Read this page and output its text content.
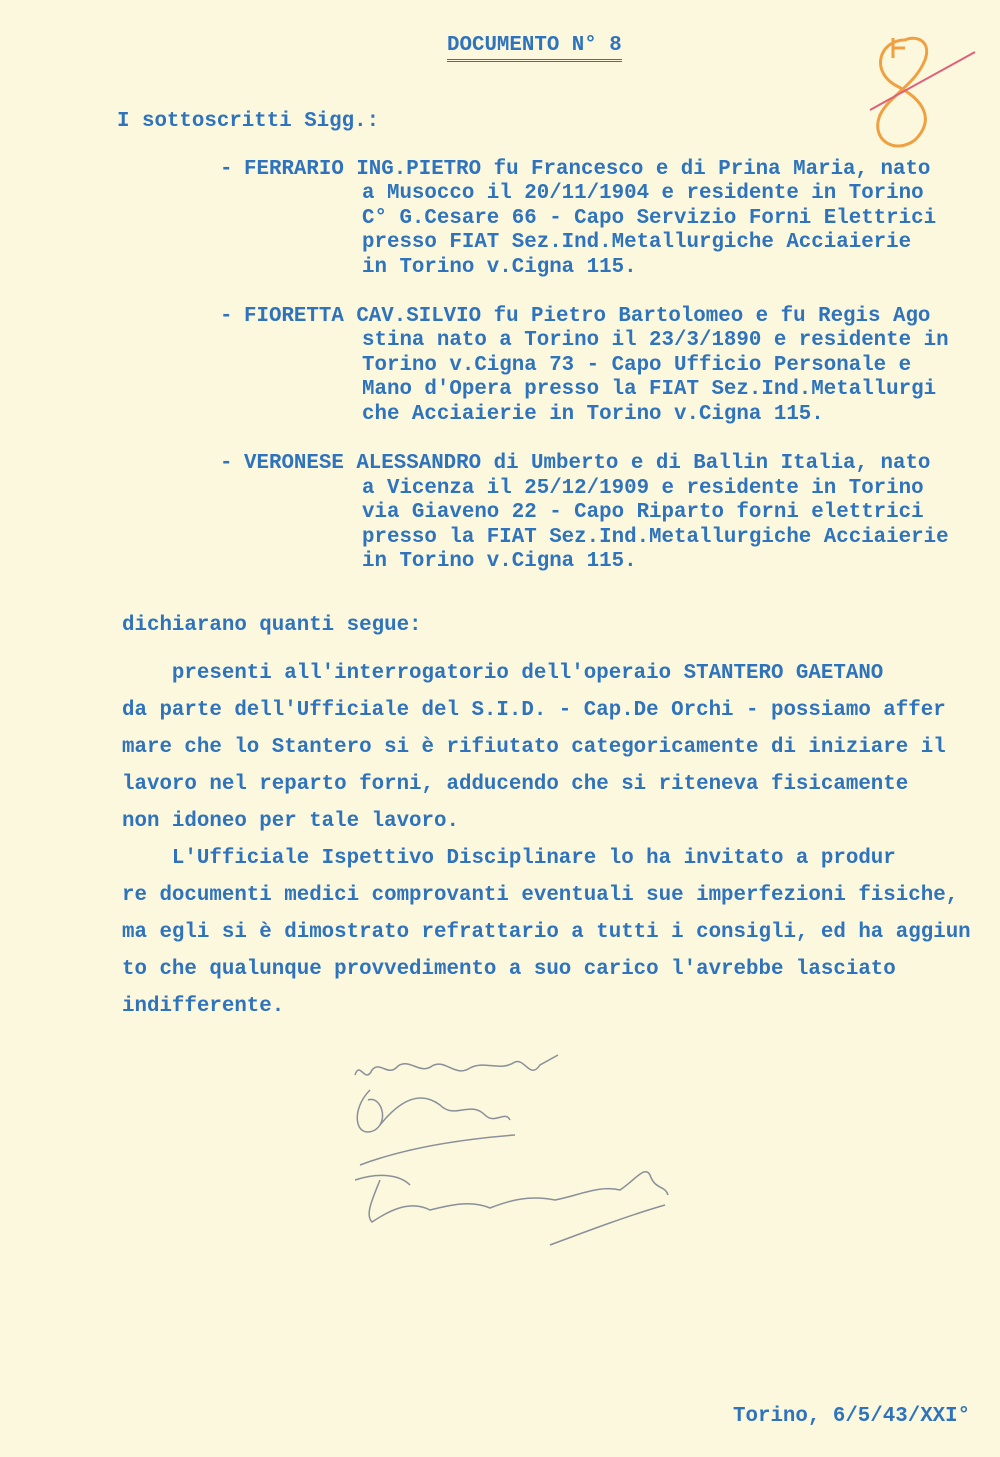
DOCUMENTO N° 8
I sottoscritti Sigg.:
- FERRARIO ING.PIETRO fu Francesco e di Prina Maria, nato
a Musocco il 20/11/1904 e residente in Torino
C° G.Cesare 66 - Capo Servizio Forni Elettrici
presso FIAT Sez.Ind.Metallurgiche Acciaierie
in Torino v.Cigna 115.
- FIORETTA CAV.SILVIO fu Pietro Bartolomeo e fu Regis Ago
stina nato a Torino il 23/3/1890 e residente in
Torino v.Cigna 73 - Capo Ufficio Personale e
Mano d'Opera presso la FIAT Sez.Ind.Metallurgi
che Acciaierie in Torino v.Cigna 115.
- VERONESE ALESSANDRO di Umberto e di Ballin Italia, nato
a Vicenza il 25/12/1909 e residente in Torino
via Giaveno 22 - Capo Riparto forni elettrici
presso la FIAT Sez.Ind.Metallurgiche Acciaierie
in Torino v.Cigna 115.
dichiarano quanti segue:
presenti all'interrogatorio dell'operaio STANTERO GAETANO
da parte dell'Ufficiale del S.I.D. - Cap.De Orchi - possiamo affer
mare che lo Stantero si è rifiutato categoricamente di iniziare il
lavoro nel reparto forni, adducendo che si riteneva fisicamente
non idoneo per tale lavoro.
L'Ufficiale Ispettivo Disciplinare lo ha invitato a produr
re documenti medici comprovanti eventuali sue imperfezioni fisiche,
ma egli si è dimostrato refrattario a tutti i consigli, ed ha aggiun
to che qualunque provvedimento a suo carico l'avrebbe lasciato
indifferente.
Torino, 6/5/43/XXI°
